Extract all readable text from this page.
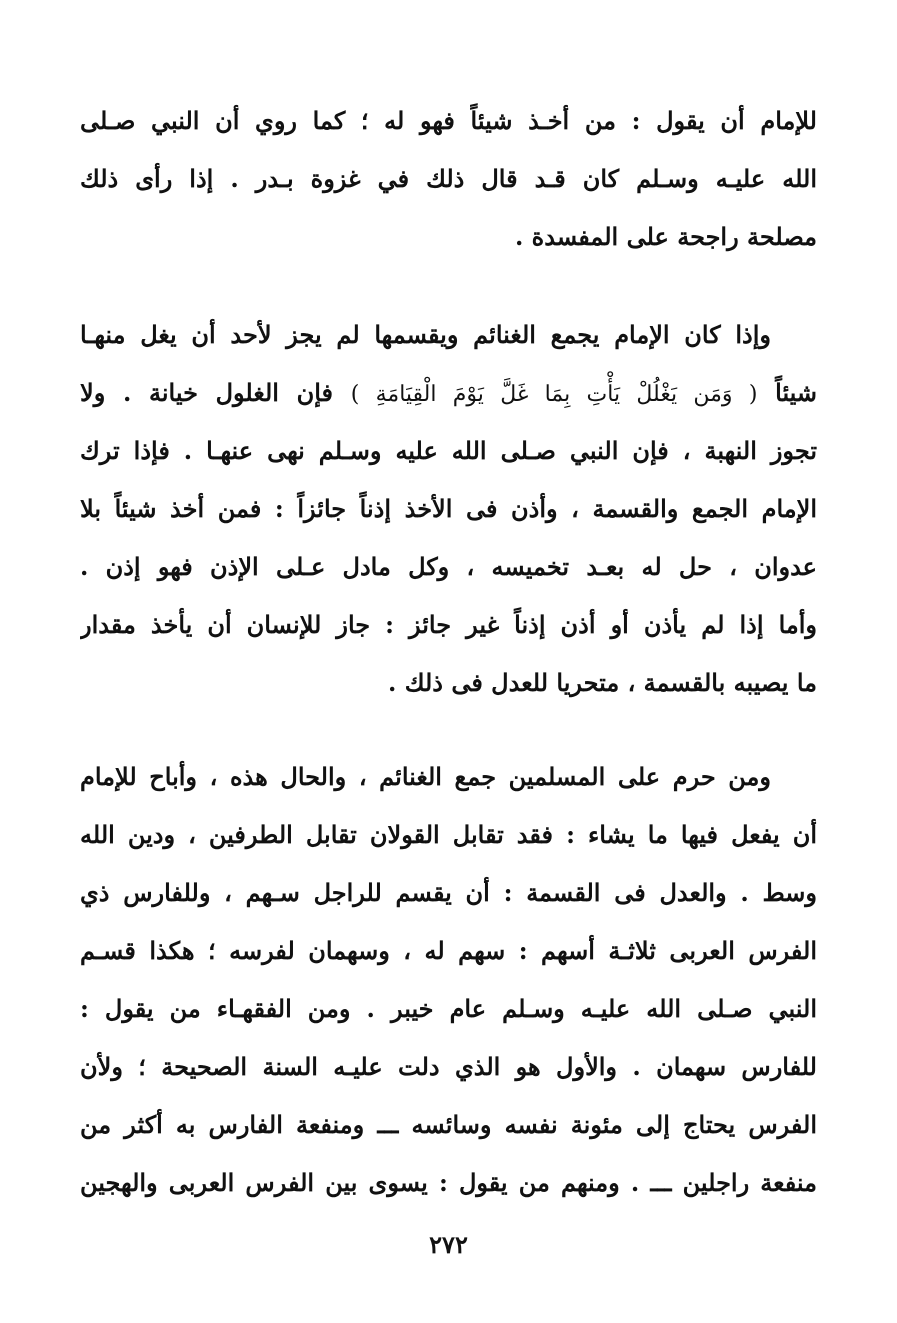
للإمام أن يقول : من أخـذ شيئاً فهو له ؛ كما روي أن النبي صـلى
الله عليـه وسـلم كان قـد قال ذلك في غزوة بـدر . إذا رأى ذلك
مصلحة راجحة على المفسدة .
وإذا كان الإمام يجمع الغنائم ويقسمها لم يجز لأحد أن يغل منهـا
شيئاً ( وَمَن يَغْلُلْ يَأْتِ بِمَا غَلَّ يَوْمَ الْقِيَامَةِ ) فإن الغلول خيانة . ولا
تجوز النهبة ، فإن النبي صـلى الله عليه وسـلم نهى عنهـا . فإذا ترك
الإمام الجمع والقسمة ، وأذن فى الأخذ إذناً جائزاً : فمن أخذ شيئاً بلا
عدوان ، حل له بعـد تخميسه ، وكل مادل عـلى الإذن فهو إذن .
وأما إذا لم يأذن أو أذن إذناً غير جائز : جاز للإنسان أن يأخذ مقدار
ما يصيبه بالقسمة ، متحريا للعدل فى ذلك .
ومن حرم على المسلمين جمع الغنائم ، والحال هذه ، وأباح للإمام
أن يفعل فيها ما يشاء : فقد تقابل القولان تقابل الطرفين ، ودين الله
وسط . والعدل فى القسمة : أن يقسم للراجل سـهم ، وللفارس ذي
الفرس العربى ثلاثـة أسهم : سهم له ، وسهمان لفرسه ؛ هكذا قسـم
النبي صـلى الله عليـه وسـلم عام خيبر . ومن الفقهـاء من يقول :
للفارس سهمان . والأول هو الذي دلت عليـه السنة الصحيحة ؛ ولأن
الفرس يحتاج إلى مئونة نفسه وسائسه ـــ ومنفعة الفارس به أكثر من
منفعة راجلين ـــ . ومنهم من يقول : يسوى بين الفرس العربى والهجين
٢٧٢
